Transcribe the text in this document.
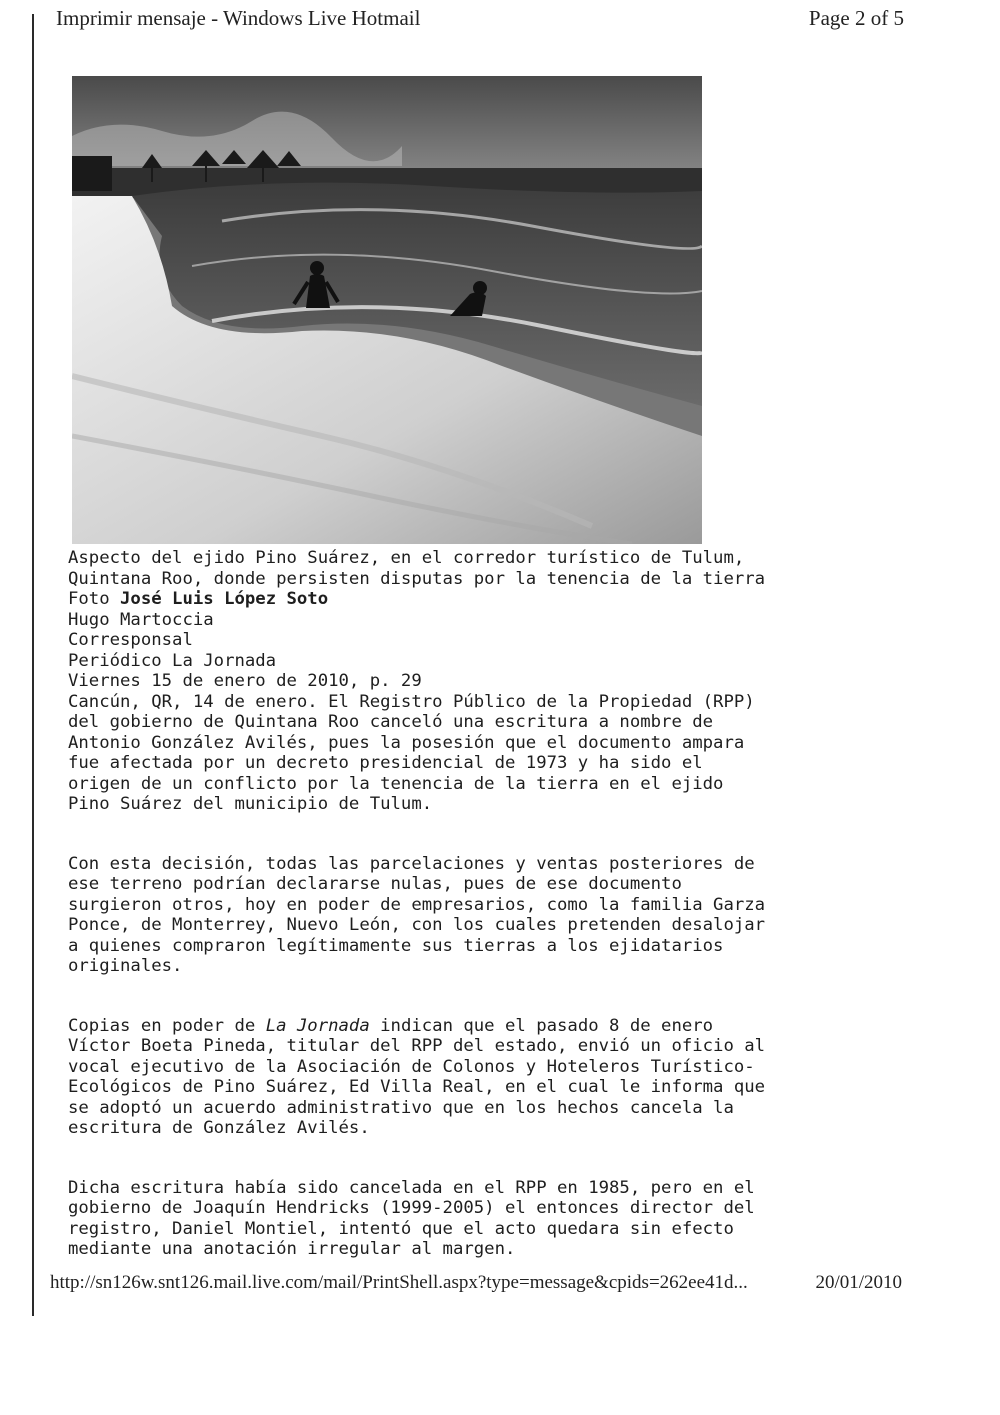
Imprimir mensaje - Windows Live Hotmail	Page 2 of 5

Aspecto del ejido Pino Suárez, en el corredor turístico de Tulum,

Quintana Roo, donde persisten disputas por la tenencia de la tierra

Foto José Luis López Soto

Hugo Martoccia

Corresponsal

Periódico La Jornada

Viernes 15 de enero de 2010, p. 29

Cancún, QR, 14 de enero. El Registro Público de la Propiedad (RPP)
del gobierno de Quintana Roo canceló una escritura a nombre de
Antonio González Avilés, pues la posesión que el documento ampara
fue afectada por un decreto presidencial de 1973 y ha sido el
origen de un conflicto por la tenencia de la tierra en el ejido
Pino Suárez del municipio de Tulum.

Con esta decisión, todas las parcelaciones y ventas posteriores de
ese terreno podrían declararse nulas, pues de ese documento
surgieron otros, hoy en poder de empresarios, como la familia Garza
Ponce, de Monterrey, Nuevo León, con los cuales pretenden desalojar
a quienes compraron legítimamente sus tierras a los ejidatarios
originales.

Copias en poder de La Jornada indican que el pasado 8 de enero
Víctor Boeta Pineda, titular del RPP del estado, envió un oficio al
vocal ejecutivo de la Asociación de Colonos y Hoteleros Turístico-
Ecológicos de Pino Suárez, Ed Villa Real, en el cual le informa que
se adoptó un acuerdo administrativo que en los hechos cancela la
escritura de González Avilés.

Dicha escritura había sido cancelada en el RPP en 1985, pero en el
gobierno de Joaquín Hendricks (1999-2005) el entonces director del
registro, Daniel Montiel, intentó que el acto quedara sin efecto
mediante una anotación irregular al margen.

http://sn126w.snt126.mail.live.com/mail/PrintShell.aspx?type=message&cpids=262ee41d...	20/01/2010
